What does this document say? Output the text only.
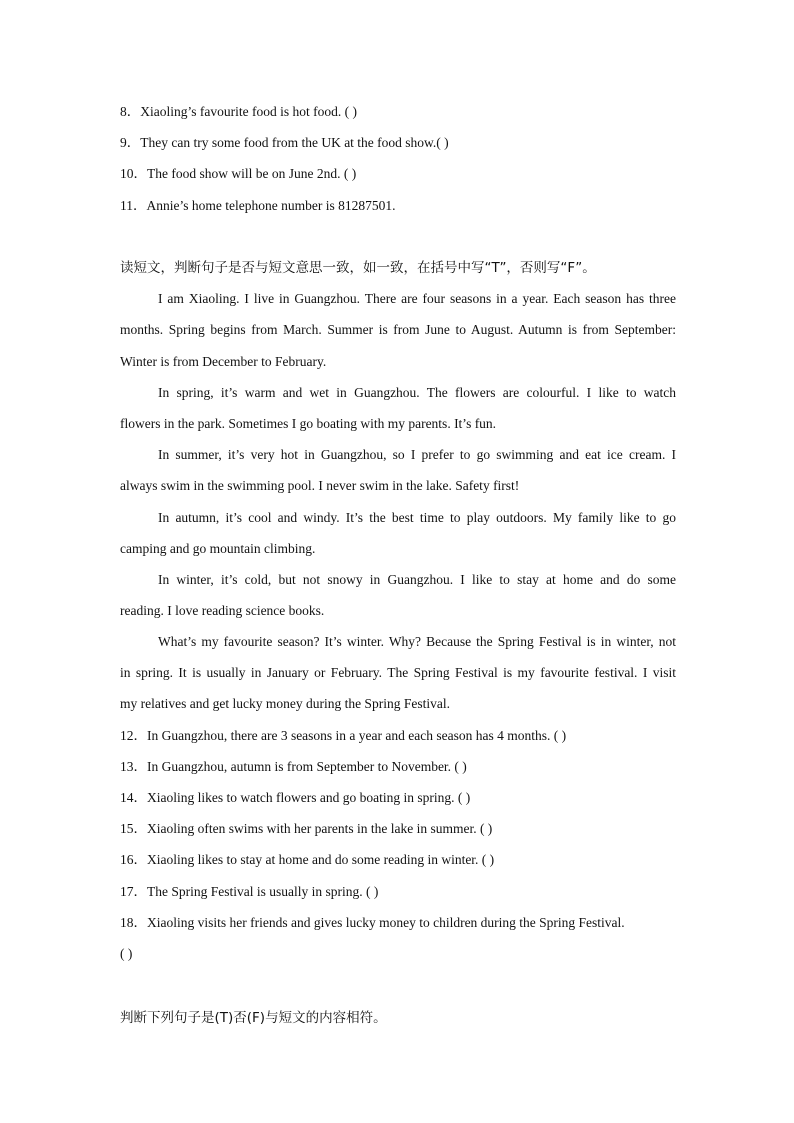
8．Xiaoling’s favourite food is hot food. ( )
9．They can try some food from the UK at the food show.( )
10．The food show will be on June 2nd. ( )
11．Annie’s home telephone number is 81287501.
读短文，判断句子是否与短文意思一致，如一致，在括号中写“T”，否则写“F”。
I am Xiaoling. I live in Guangzhou. There are four seasons in a year. Each season has three
months. Spring begins from March. Summer is from June to August. Autumn is from September:
Winter is from December to February.
In spring, it’s warm and wet in Guangzhou. The flowers are colourful. I like to watch
flowers in the park. Sometimes I go boating with my parents. It’s fun.
In summer, it’s very hot in Guangzhou, so I prefer to go swimming and eat ice cream. I
always swim in the swimming pool. I never swim in the lake. Safety first!
In autumn, it’s cool and windy. It’s the best time to play outdoors. My family like to go
camping and go mountain climbing.
In winter, it’s cold, but not snowy in Guangzhou. I like to stay at home and do some
reading. I love reading science books.
What’s my favourite season? It’s winter. Why? Because the Spring Festival is in winter, not
in spring. It is usually in January or February. The Spring Festival is my favourite festival. I visit
my relatives and get lucky money during the Spring Festival.
12．In Guangzhou, there are 3 seasons in a year and each season has 4 months. ( )
13．In Guangzhou, autumn is from September to November. ( )
14．Xiaoling likes to watch flowers and go boating in spring. ( )
15．Xiaoling often swims with her parents in the lake in summer. ( )
16．Xiaoling likes to stay at home and do some reading in winter. ( )
17．The Spring Festival is usually in spring. ( )
18．Xiaoling visits her friends and gives lucky money to children during the Spring Festival.
( )
判断下列句子是(T)否(F)与短文的内容相符。
